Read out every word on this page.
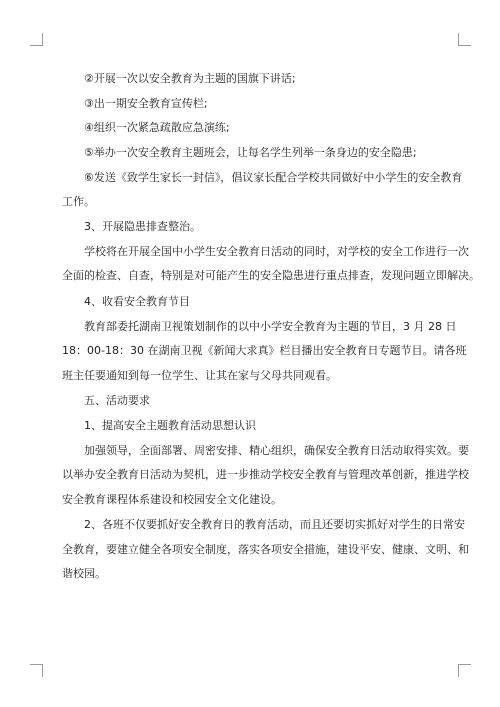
②开展一次以安全教育为主题的国旗下讲话;
③出一期安全教育宣传栏;
④组织一次紧急疏散应急演练;
⑤举办一次安全教育主题班会，让每名学生列举一条身边的安全隐患;
⑥发送《致学生家长一封信》，倡议家长配合学校共同做好中小学生的安全教育
工作。
3、开展隐患排查整治。
学校将在开展全国中小学生安全教育日活动的同时，对学校的安全工作进行一次
全面的检查、自查，特别是对可能产生的安全隐患进行重点排查，发现问题立即解决。
4、收看安全教育节目
教育部委托湖南卫视策划制作的以中小学安全教育为主题的节目，3 月 28 日
18：00-18：30 在湖南卫视《新闻大求真》栏目播出安全教育日专题节目。请各班
班主任要通知到每一位学生、让其在家与父母共同观看。
五、活动要求
1、提高安全主题教育活动思想认识
加强领导，全面部署、周密安排、精心组织，确保安全教育日活动取得实效。要
以举办安全教育日活动为契机，进一步推动学校安全教育与管理改革创新，推进学校
安全教育课程体系建设和校园安全文化建设。
2、各班不仅要抓好安全教育日的教育活动，而且还要切实抓好对学生的日常安
全教育，要建立健全各项安全制度，落实各项安全措施，建设平安、健康、文明、和
谐校园。
